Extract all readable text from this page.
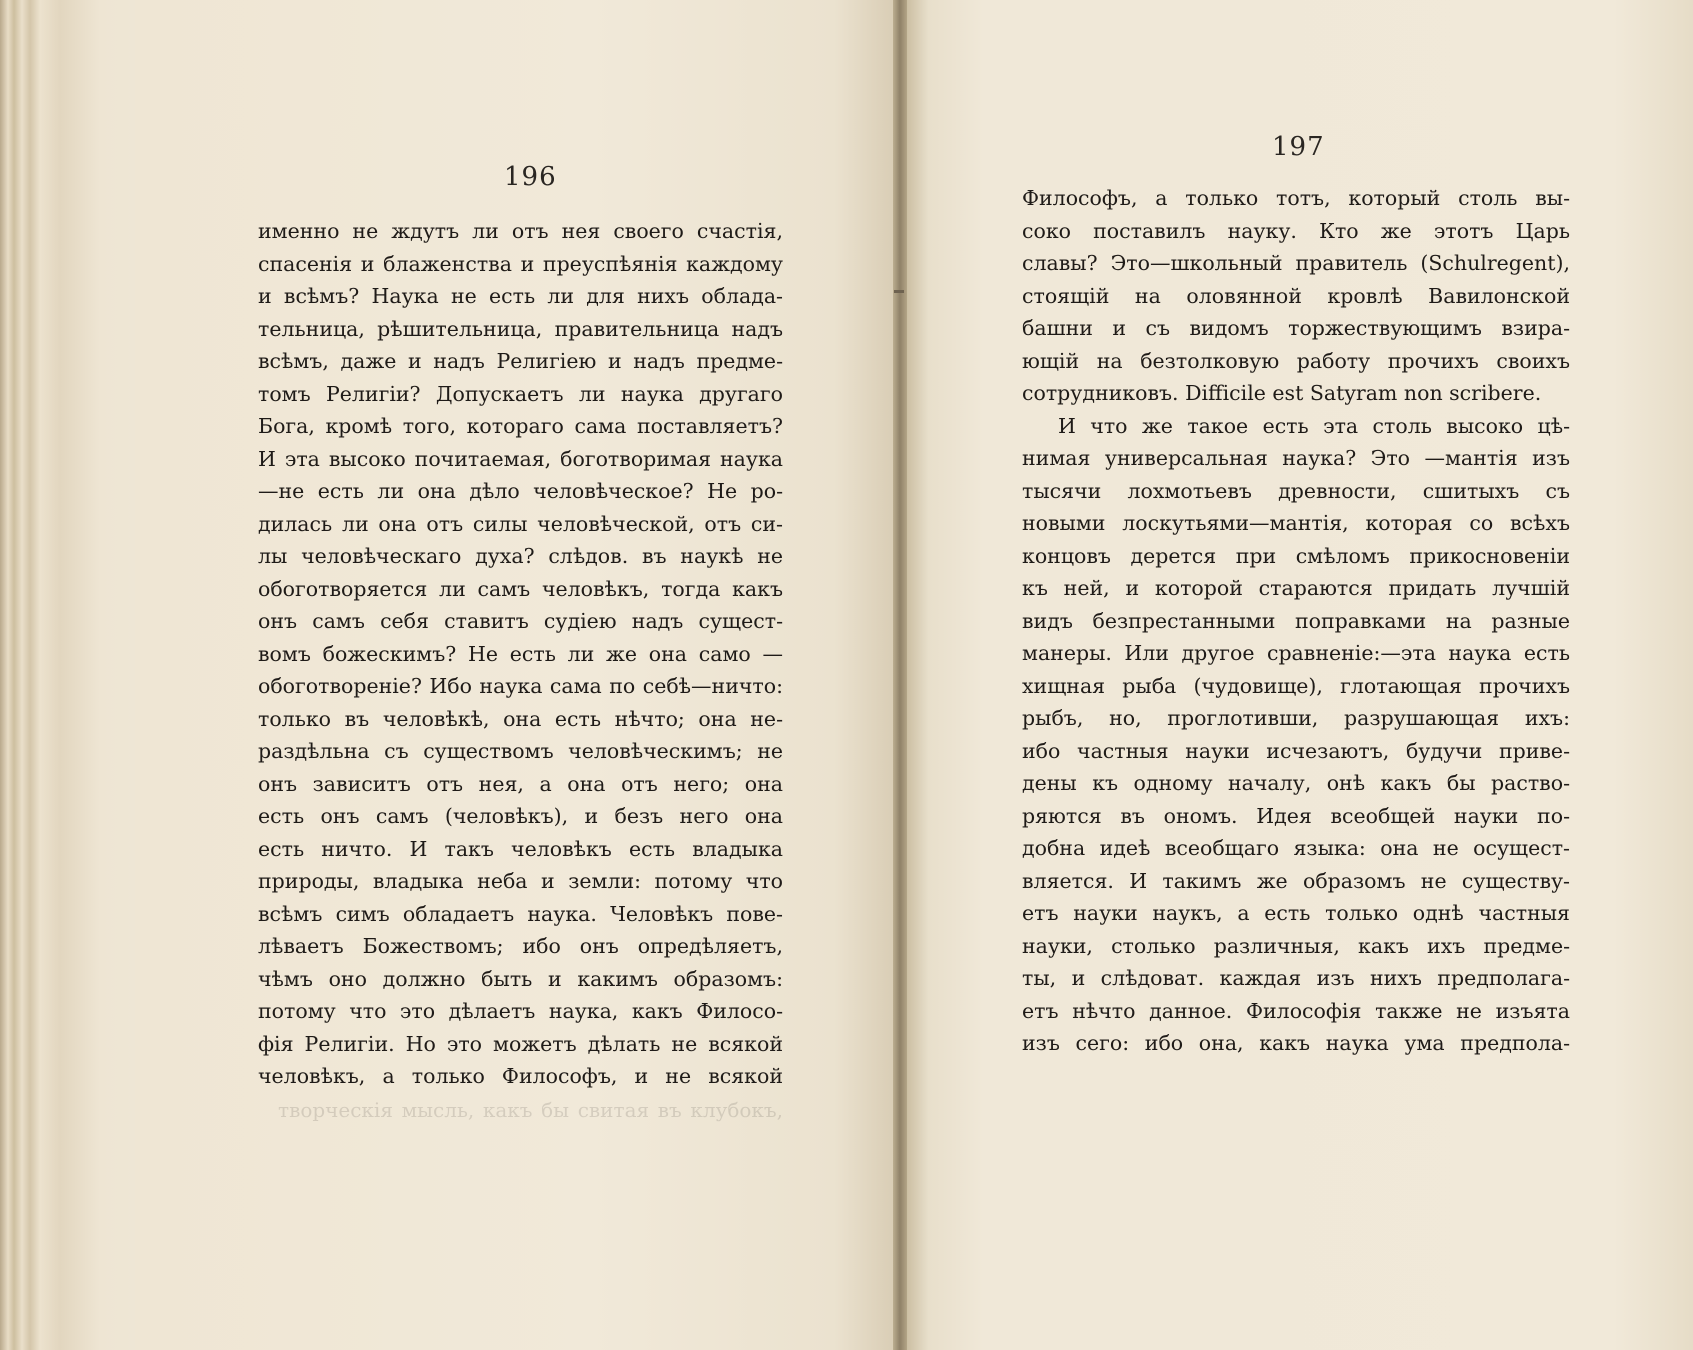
196
197
именно не ждутъ ли отъ нея своего счастія,
спасенія и блаженства и преуспѣянія каждому
и всѣмъ? Наука не есть ли для нихъ облада-
тельница, рѣшительница, правительница надъ
всѣмъ, даже и надъ Религіею и надъ предме-
томъ Религіи? Допускаетъ ли наука другаго
Бога, кромѣ того, котораго сама поставляетъ?
И эта высоко почитаемая, боготворимая наука
—не есть ли она дѣло человѣческое? Не ро-
дилась ли она отъ силы человѣческой, отъ си-
лы человѣческаго духа? слѣдов. въ наукѣ не
обоготворяется ли самъ человѣкъ, тогда какъ
онъ самъ себя ставитъ судіею надъ сущест-
вомъ божескимъ? Не есть ли же она само —
обоготвореніе? Ибо наука сама по себѣ—ничто:
только въ человѣкѣ, она есть нѣчто; она не-
раздѣльна съ существомъ человѣческимъ; не
онъ зависитъ отъ нея, а она отъ него; она
есть онъ самъ (человѣкъ), и безъ него она
есть ничто. И такъ человѣкъ есть владыка
природы, владыка неба и земли: потому что
всѣмъ симъ обладаетъ наука. Человѣкъ пове-
лѣваетъ Божествомъ; ибо онъ опредѣляетъ,
чѣмъ оно должно быть и какимъ образомъ:
потому что это дѣлаетъ наука, какъ Филосо-
фія Религіи. Но это можетъ дѣлать не всякой
человѣкъ, а только Философъ, и не всякой
творческія мысль, какъ бы свитая въ клубокъ,
Философъ, а только тотъ, который столь вы-
соко поставилъ науку. Кто же этотъ Царь
славы? Это—школьный правитель (Schulregent),
стоящій на оловянной кровлѣ Вавилонской
башни и съ видомъ торжествующимъ взира-
ющій на безтолковую работу прочихъ своихъ
сотрудниковъ. Difficile est Satyram non scribere.
И что же такое есть эта столь высоко цѣ-
нимая универсальная наука? Это —мантія изъ
тысячи лохмотьевъ древности, сшитыхъ съ
новыми лоскутьями—мантія, которая со всѣхъ
концовъ дерется при смѣломъ прикосновеніи
къ ней, и которой стараются придать лучшій
видъ безпрестанными поправками на разные
манеры. Или другое сравненіе:—эта наука есть
хищная рыба (чудовище), глотающая прочихъ
рыбъ, но, проглотивши, разрушающая ихъ:
ибо частныя науки исчезаютъ, будучи приве-
дены къ одному началу, онѣ какъ бы раство-
ряются въ ономъ. Идея всеобщей науки по-
добна идеѣ всеобщаго языка: она не осущест-
вляется. И такимъ же образомъ не существу-
етъ науки наукъ, а есть только однѣ частныя
науки, столько различныя, какъ ихъ предме-
ты, и слѣдоват. каждая изъ нихъ предполага-
етъ нѣчто данное. Философія также не изъята
изъ сего: ибо она, какъ наука ума предпола-
